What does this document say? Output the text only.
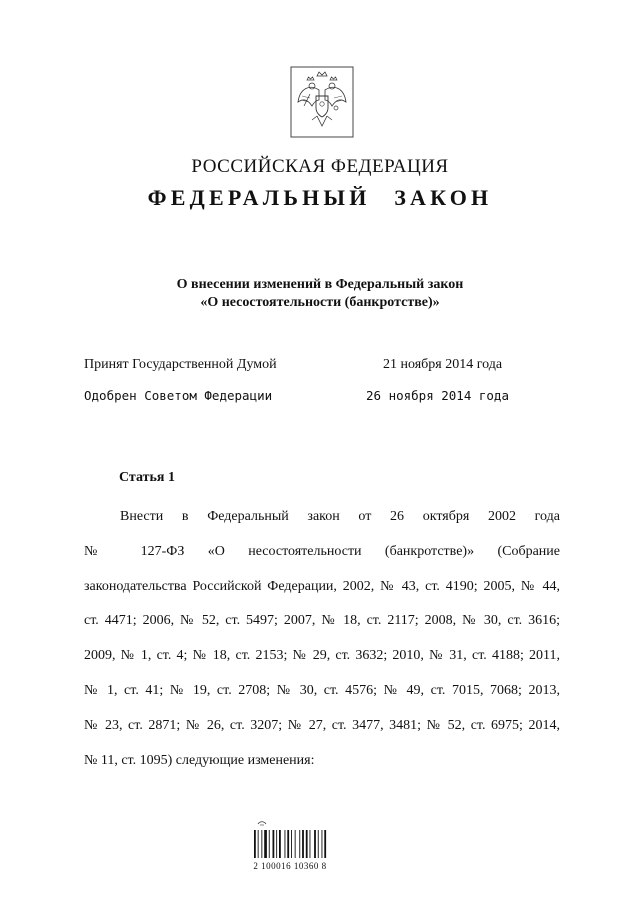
РОССИЙСКАЯ ФЕДЕРАЦИЯ
ФЕДЕРАЛЬНЫЙ ЗАКОН
О внесении изменений в Федеральный закон
«О несостоятельности (банкротстве)»
Принят Государственной Думой	21 ноября 2014 года
Одобрен Советом Федерации	26 ноября 2014 года
Статья 1
Внести в Федеральный закон от 26 октября 2002 года
№ 127-ФЗ «О несостоятельности (банкротстве)» (Собрание
законодательства Российской Федерации, 2002, № 43, ст. 4190; 2005, № 44,
ст. 4471; 2006, № 52, ст. 5497; 2007, № 18, ст. 2117; 2008, № 30, ст. 3616;
2009, № 1, ст. 4; № 18, ст. 2153; № 29, ст. 3632; 2010, № 31, ст. 4188; 2011,
№ 1, ст. 41; № 19, ст. 2708; № 30, ст. 4576; № 49, ст. 7015, 7068; 2013,
№ 23, ст. 2871; № 26, ст. 3207; № 27, ст. 3477, 3481; № 52, ст. 6975; 2014,
№ 11, ст. 1095) следующие изменения:
2 100016 10360 8
